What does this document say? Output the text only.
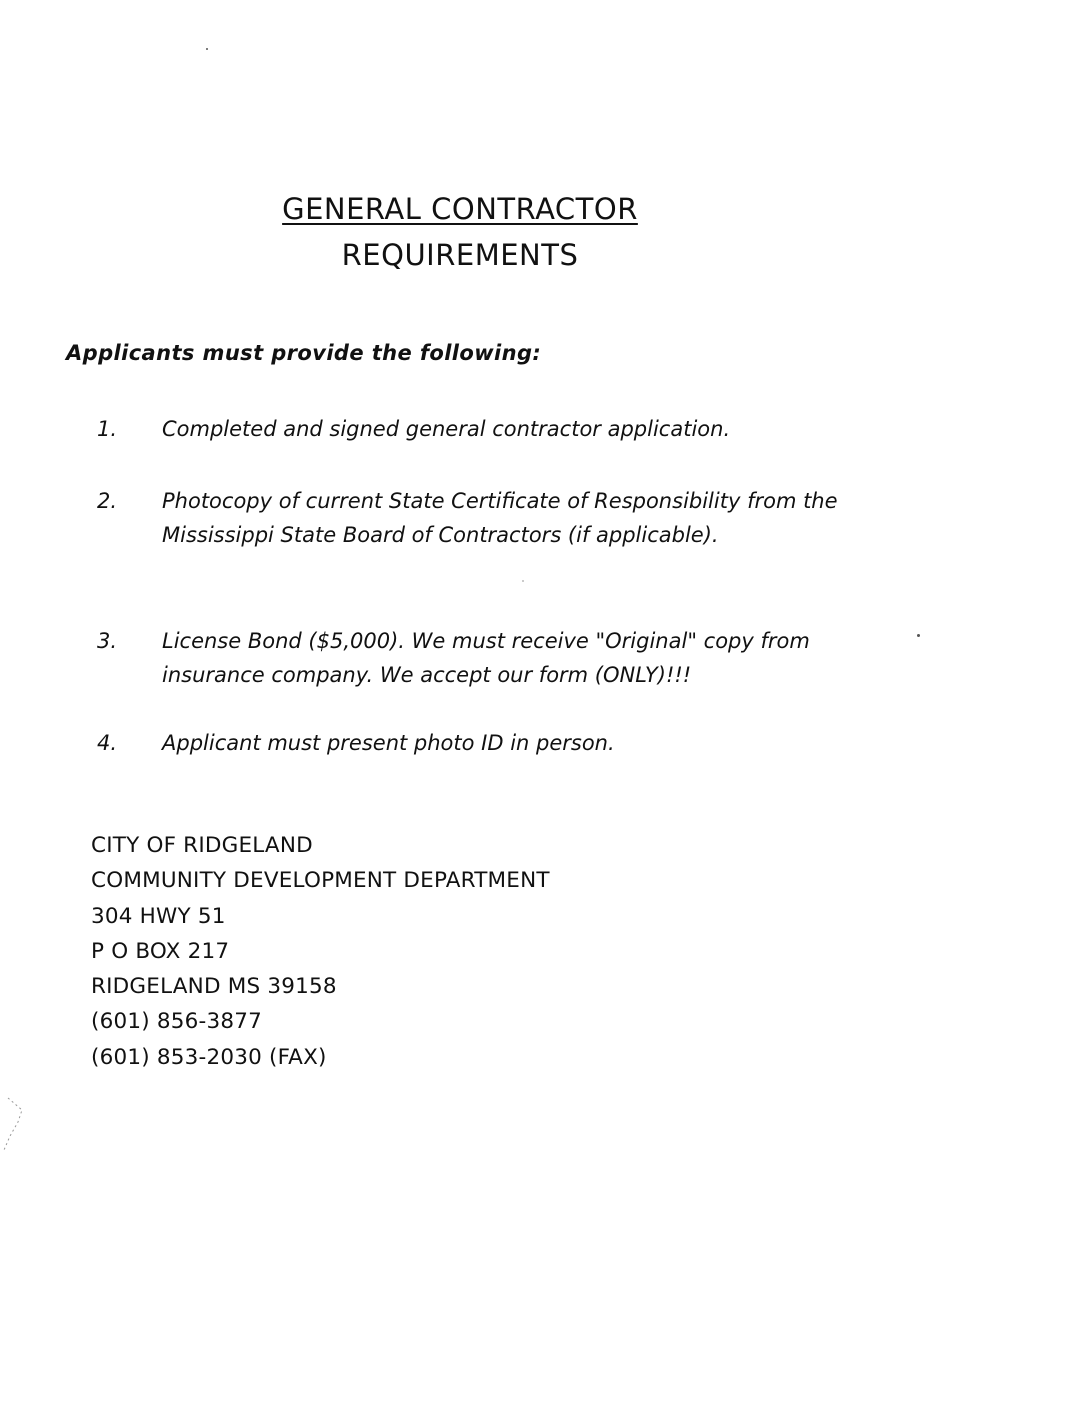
GENERAL CONTRACTOR
REQUIREMENTS
Applicants must provide the following:
1.	Completed and signed general contractor application.
2.	Photocopy of current State Certificate of Responsibility from the Mississippi State Board of Contractors (if applicable).
3.	License Bond ($5,000). We must receive "Original" copy from insurance company. We accept our form (ONLY)!!!
4.	Applicant must present photo ID in person.
CITY OF RIDGELAND
COMMUNITY DEVELOPMENT DEPARTMENT
304 HWY 51
P O BOX 217
RIDGELAND MS 39158
(601) 856-3877
(601) 853-2030 (FAX)
